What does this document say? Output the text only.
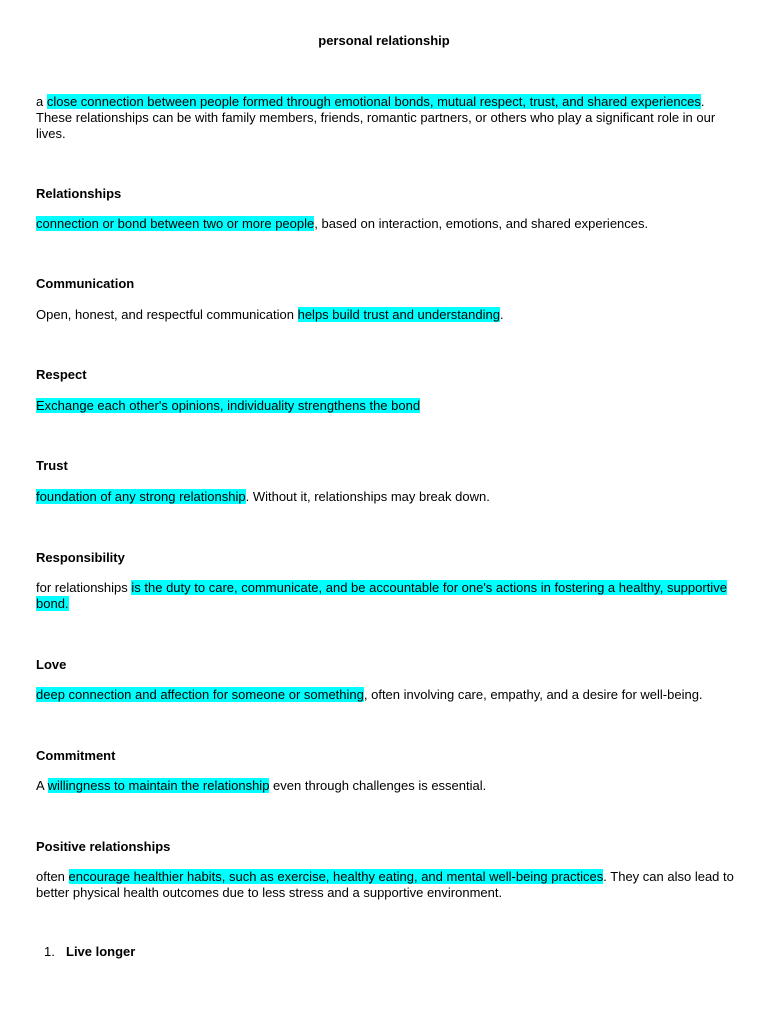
personal relationship
a close connection between people formed through emotional bonds, mutual respect, trust, and shared experiences. These relationships can be with family members, friends, romantic partners, or others who play a significant role in our lives.
Relationships
connection or bond between two or more people, based on interaction, emotions, and shared experiences.
Communication
Open, honest, and respectful communication helps build trust and understanding.
Respect
Exchange each other's opinions, individuality strengthens the bond
Trust
foundation of any strong relationship. Without it, relationships may break down.
Responsibility
for relationships is the duty to care, communicate, and be accountable for one's actions in fostering a healthy, supportive bond.
Love
deep connection and affection for someone or something, often involving care, empathy, and a desire for well-being.
Commitment
A willingness to maintain the relationship even through challenges is essential.
Positive relationships
often encourage healthier habits, such as exercise, healthy eating, and mental well-being practices. They can also lead to better physical health outcomes due to less stress and a supportive environment.
1. Live longer
